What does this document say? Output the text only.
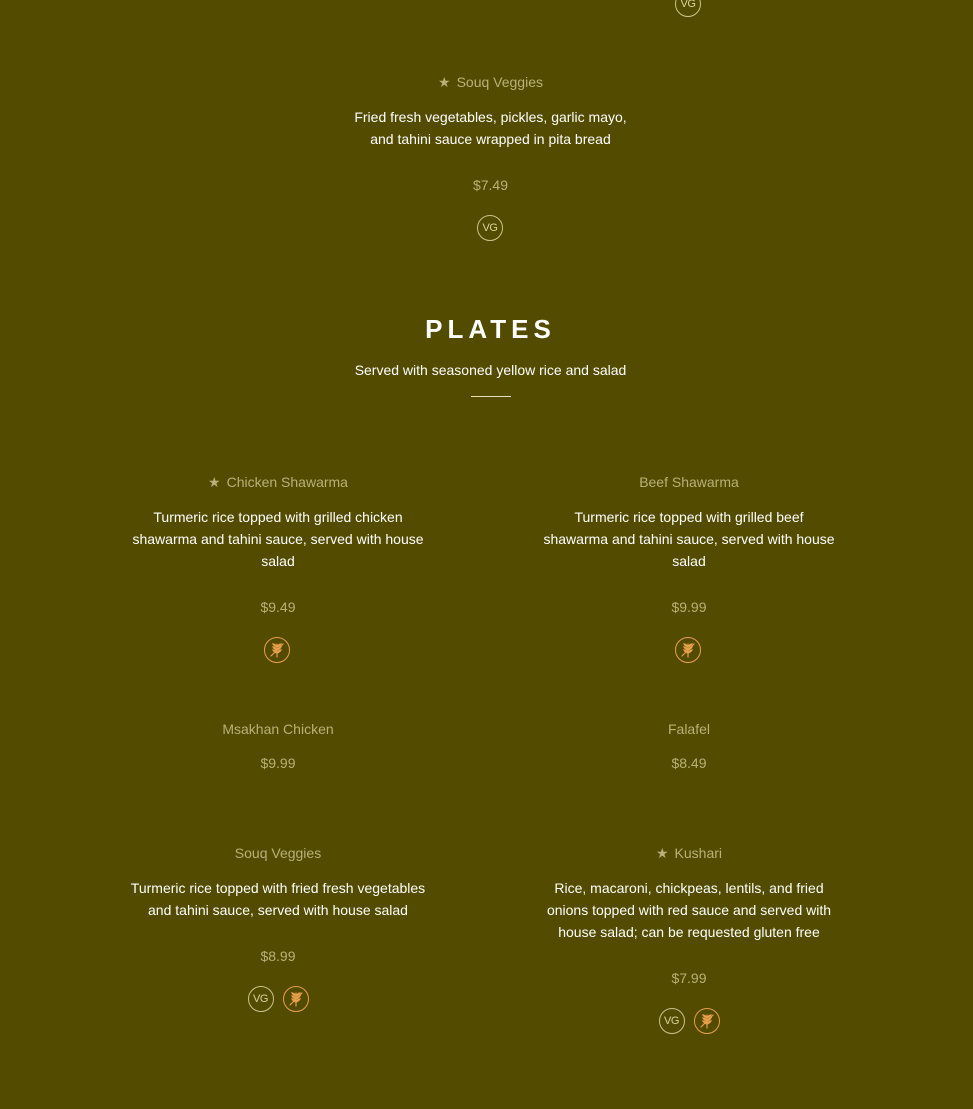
VG
★ Souq Veggies
Fried fresh vegetables, pickles, garlic mayo,
and tahini sauce wrapped in pita bread
$7.49
VG
PLATES
Served with seasoned yellow rice and salad
★ Chicken Shawarma
Turmeric rice topped with grilled chicken
shawarma and tahini sauce, served with house
salad
$9.49
Beef Shawarma
Turmeric rice topped with grilled beef
shawarma and tahini sauce, served with house
salad
$9.99
Msakhan Chicken
$9.99
Falafel
$8.49
Souq Veggies
Turmeric rice topped with fried fresh vegetables
and tahini sauce, served with house salad
$8.99
VG
★ Kushari
Rice, macaroni, chickpeas, lentils, and fried
onions topped with red sauce and served with
house salad; can be requested gluten free
$7.99
VG
